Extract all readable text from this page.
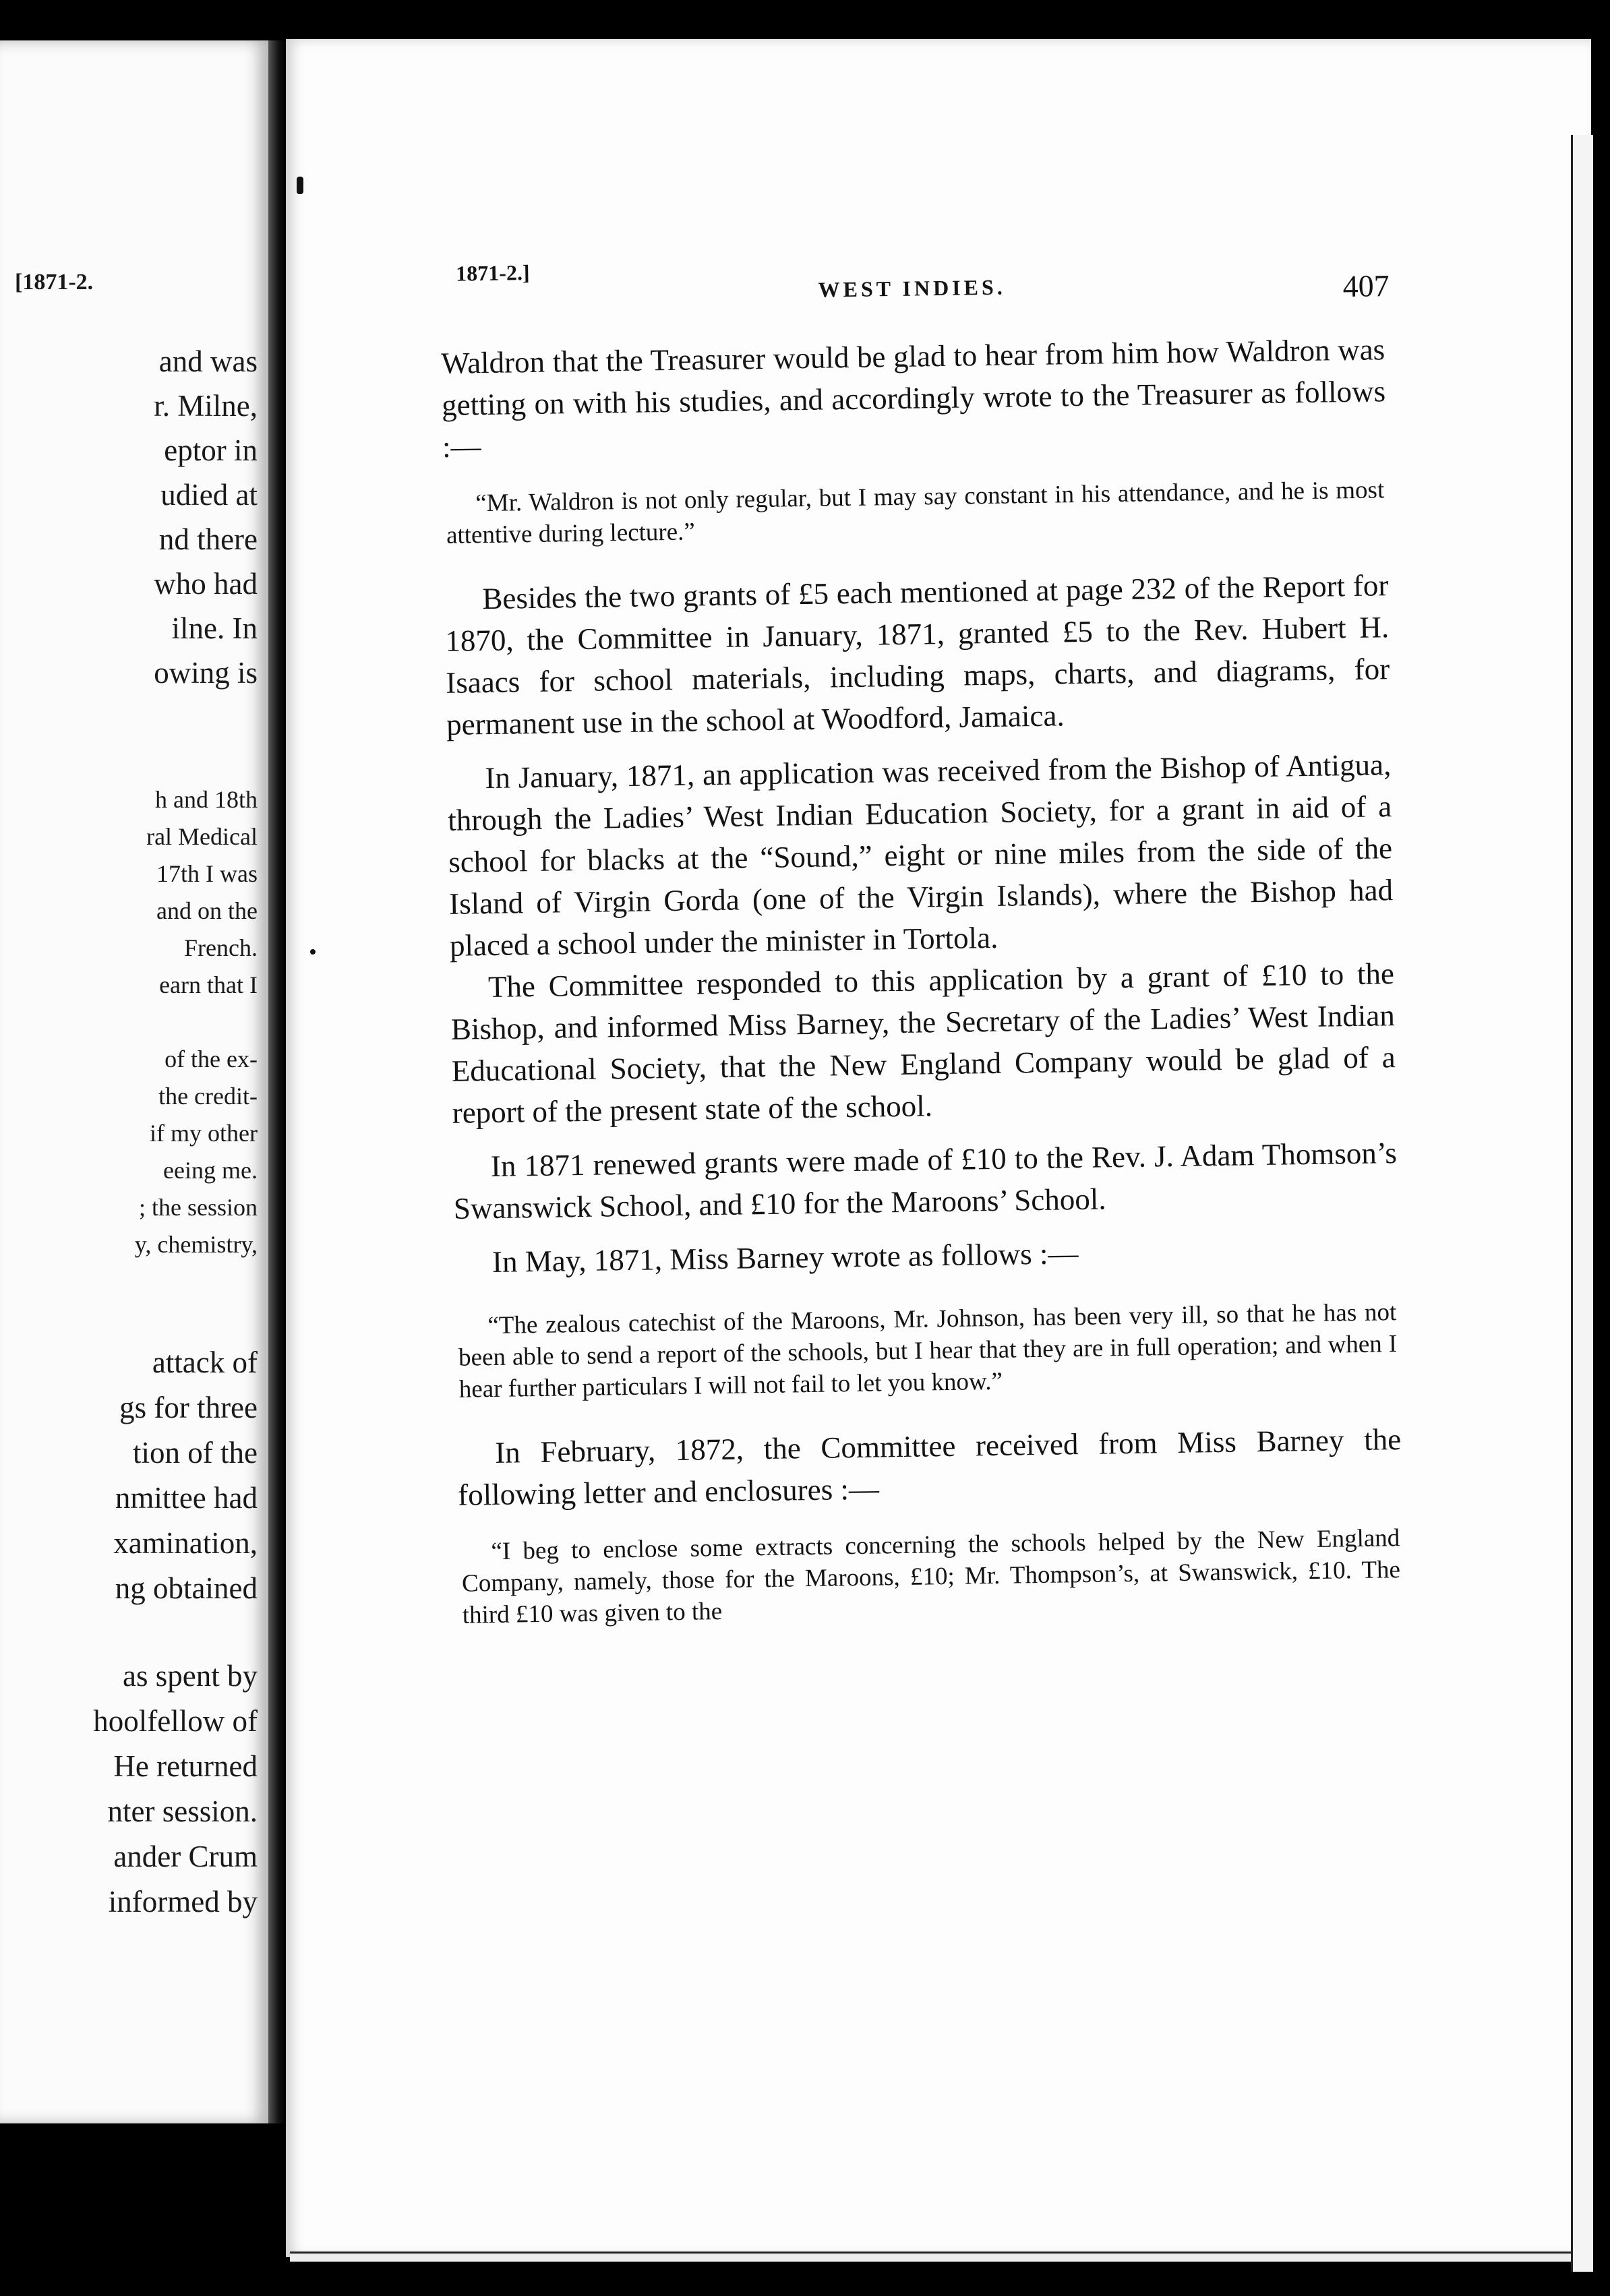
[1871-2.
and was
r. Milne,
eptor in
udied at
nd there
who had
ilne. In
owing is
h and 18th
ral Medical
17th I was
and on the
French.
earn that I
of the ex-
the credit-
if my other
eeing me.
; the session
y, chemistry,
attack of
gs for three
tion of the
nmittee had
xamination,
ng obtained
as spent by
hoolfellow of
He returned
nter session.
ander Crum
informed by
1871-2.]
WEST INDIES.	407

Waldron that the Treasurer would be glad to hear from him how Waldron was getting on with his studies, and accordingly wrote to the Treasurer as follows :—

“Mr. Waldron is not only regular, but I may say constant in his attendance, and he is most attentive during lecture.”

Besides the two grants of £5 each mentioned at page 232 of the Report for 1870, the Committee in January, 1871, granted £5 to the Rev. Hubert H. Isaacs for school materials, including maps, charts, and diagrams, for permanent use in the school at Woodford, Jamaica.

In January, 1871, an application was received from the Bishop of Antigua, through the Ladies’ West Indian Education Society, for a grant in aid of a school for blacks at the “Sound,” eight or nine miles from the side of the Island of Virgin Gorda (one of the Virgin Islands), where the Bishop had placed a school under the minister in Tortola.

The Committee responded to this application by a grant of £10 to the Bishop, and informed Miss Barney, the Secretary of the Ladies’ West Indian Educational Society, that the New England Company would be glad of a report of the present state of the school.

In 1871 renewed grants were made of £10 to the Rev. J. Adam Thomson’s Swanswick School, and £10 for the Maroons’ School.

In May, 1871, Miss Barney wrote as follows :—

“The zealous catechist of the Maroons, Mr. Johnson, has been very ill, so that he has not been able to send a report of the schools, but I hear that they are in full operation; and when I hear further particulars I will not fail to let you know.”

In February, 1872, the Committee received from Miss Barney the following letter and enclosures :—

“I beg to enclose some extracts concerning the schools helped by the New England Company, namely, those for the Maroons, £10; Mr. Thompson’s, at Swanswick, £10. The third £10 was given to the
